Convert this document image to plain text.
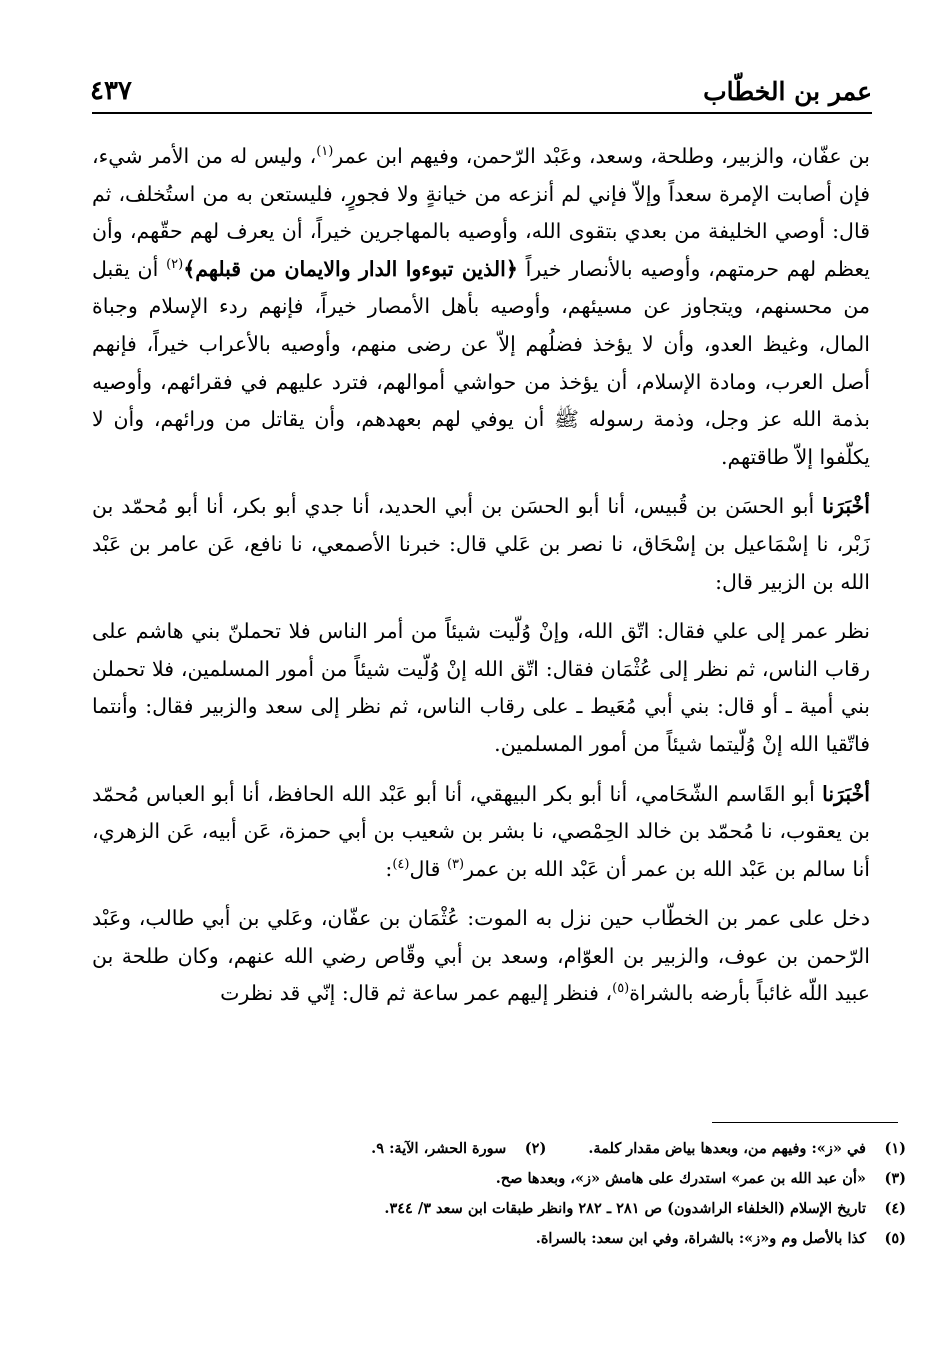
٤٣٧	عمر بن الخطّاب

بن عفّان، والزبير، وطلحة، وسعد، وعَبْد الرّحمن، وفيهم ابن عمر$^{(١)}$، وليس له من الأمر شيء، فإن أصابت الإمرة سعداً وإلاّ فإني لم أنزعه من خيانةٍ ولا فجورٍ، فليستعن به من استُخلف، ثم قال: أوصي الخليفة من بعدي بتقوى الله، وأوصيه بالمهاجرين خيراً، أن يعرف لهم حقّهم، وأن يعظم لهم حرمتهم، وأوصيه بالأنصار خيراً ﴿الذين تبوءوا الدار والايمان من قبلهم﴾$^{(٢)}$ أن يقبل من محسنهم، ويتجاوز عن مسيئهم، وأوصيه بأهل الأمصار خيراً، فإنهم ردء الإسلام وجباة المال، وغيظ العدو، وأن لا يؤخذ فضلُهم إلاّ عن رضى منهم، وأوصيه بالأعراب خيراً، فإنهم أصل العرب، ومادة الإسلام، أن يؤخذ من حواشي أموالهم، فترد عليهم في فقرائهم، وأوصيه بذمة الله عز وجل، وذمة رسوله ﷺ أن يوفي لهم بعهدهم، وأن يقاتل من ورائهم، وأن لا يكلّفوا إلاّ طاقتهم.

أخْبَرَنا أبو الحسَن بن قُبيس، أنا أبو الحسَن بن أبي الحديد، أنا جدي أبو بكر، أنا أبو مُحمّد بن زَبْر، نا إسْمَاعيل بن إسْحَاق، نا نصر بن عَلي قال: خبرنا الأصمعي، نا نافع، عَن عامر بن عَبْد الله بن الزبير قال:

نظر عمر إلى علي فقال: اتّق الله، وإنْ وُلّيت شيئاً من أمر الناس فلا تحملنّ بني هاشم على رقاب الناس، ثم نظر إلى عُثْمَان فقال: اتّق الله إنْ وُلّيت شيئاً من أمور المسلمين، فلا تحملن بني أمية ـ أو قال: بني أبي مُعَيط ـ على رقاب الناس، ثم نظر إلى سعد والزبير فقال: وأنتما فاتّقيا الله إنْ وُلّيتما شيئاً من أمور المسلمين.

أخْبَرَنا أبو القَاسم الشّحَامي، أنا أبو بكر البيهقي، أنا أبو عَبْد الله الحافظ، أنا أبو العباس مُحمّد بن يعقوب، نا مُحمّد بن خالد الحِمْصي، نا بشر بن شعيب بن أبي حمزة، عَن أبيه، عَن الزهري، أنا سالم بن عَبْد الله بن عمر أن عَبْد الله بن عمر$^{(٣)}$ قال$^{(٤)}$:

دخل على عمر بن الخطّاب حين نزل به الموت: عُثْمَان بن عفّان، وعَلي بن أبي طالب، وعَبْد الرّحمن بن عوف، والزبير بن العوّام، وسعد بن أبي وقّاص رضي الله عنهم، وكان طلحة بن عبيد اللّه غائباً بأرضه بالشراة$^{(٥)}$، فنظر إليهم عمر ساعة ثم قال: إنّي قد نظرت

(١)
في «ز»: وفيهم من، وبعدها بياض مقدار كلمة.
(٢)
سورة الحشر، الآية: ٩.
(٣)
«أن عبد الله بن عمر» استدرك على هامش «ز»، وبعدها صح.
(٤)
تاريخ الإسلام (الخلفاء الراشدون) ص ٢٨١ ـ ٢٨٢ وانظر طبقات ابن سعد ٣/ ٣٤٤.
(٥)
كذا بالأصل وم و«ز»: بالشراة، وفي ابن سعد: بالسراة.
